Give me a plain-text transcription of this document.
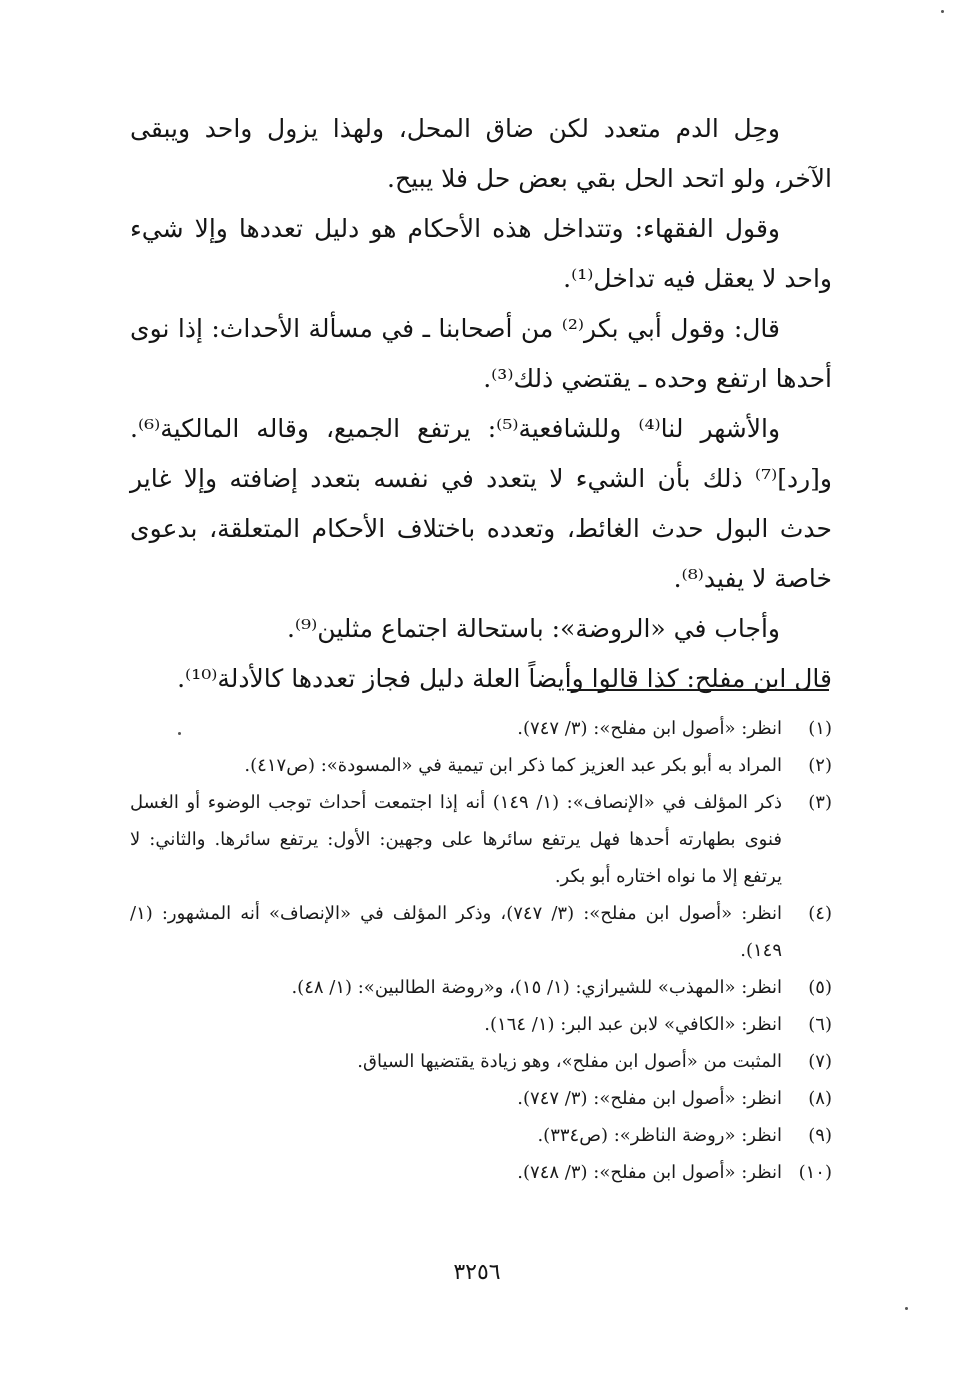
وحِل الدم متعدد لكن ضاق المحل، ولهذا يزول واحد ويبقى الآخر، ولو اتحد الحل بقي بعض حل فلا يبيح.

وقول الفقهاء: وتتداخل هذه الأحكام هو دليل تعددها وإلا شيء واحد لا يعقل فيه تداخل⁽¹⁾.

قال: وقول أبي بكر⁽²⁾ من أصحابنا ـ في مسألة الأحداث: إذا نوى أحدها ارتفع وحده ـ يقتضي ذلك⁽³⁾.

والأشهر لنا⁽⁴⁾ وللشافعية⁽⁵⁾: يرتفع الجميع، وقاله المالكية⁽⁶⁾. و[رد]⁽⁷⁾ ذلك بأن الشيء لا يتعدد في نفسه بتعدد إضافته وإلا غاير حدث البول حدث الغائط، وتعدده باختلاف الأحكام المتعلقة، بدعوى خاصة لا يفيد⁽⁸⁾.

وأجاب في «الروضة»: باستحالة اجتماع مثلين⁽⁹⁾.

قال ابن مفلح: كذا قالوا وأيضاً العلة دليل فجاز تعددها كالأدلة⁽¹⁰⁾.

(١)
انظر: «أصول ابن مفلح»: (٣/ ٧٤٧).
(٢)
المراد به أبو بكر عبد العزيز كما ذكر ابن تيمية في «المسودة»: (ص٤١٧).
(٣)
ذكر المؤلف في «الإنصاف»: (١/ ١٤٩) أنه إذا اجتمعت أحداث توجب الوضوء أو الغسل فنوى بطهارته أحدها فهل يرتفع سائرها على وجهين: الأول: يرتفع سائرها. والثاني: لا يرتفع إلا ما نواه اختاره أبو بكر.
(٤)
انظر: «أصول ابن مفلح»: (٣/ ٧٤٧)، وذكر المؤلف في «الإنصاف» أنه المشهور: (١/ ١٤٩).
(٥)
انظر: «المهذب» للشيرازي: (١/ ١٥)، و«روضة الطالبين»: (١/ ٤٨).
(٦)
انظر: «الكافي» لابن عبد البر: (١/ ١٦٤).
(٧)
المثبت من «أصول ابن مفلح»، وهو زيادة يقتضيها السياق.
(٨)
انظر: «أصول ابن مفلح»: (٣/ ٧٤٧).
(٩)
انظر: «روضة الناظر»: (ص٣٣٤).
(١٠)
انظر: «أصول ابن مفلح»: (٣/ ٧٤٨).
٣٢٥٦
